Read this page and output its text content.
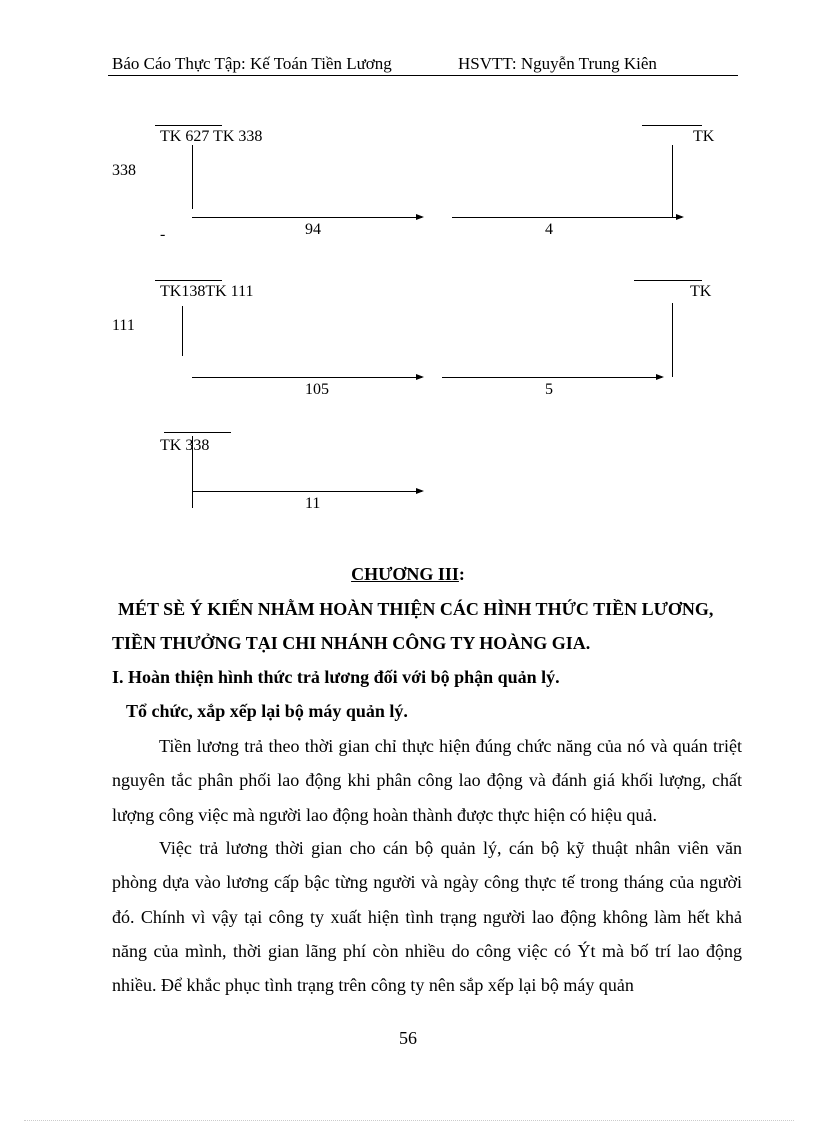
Báo Cáo Thực Tập: Kế Toán Tiền Lương	HSVTT: Nguyễn Trung Kiên
TK 627 TK 338	TK
338
94	4
-
TK138TK 111	TK
111
105	5
TK 338
11
CHƯƠNG III:
MÉT SÈ Ý KIẾN NHẰM HOÀN THIỆN CÁC HÌNH THỨC TIỀN LƯƠNG,
TIỀN THƯỞNG TẠI CHI NHÁNH CÔNG TY HOÀNG GIA.
I. Hoàn thiện hình thức trả lương đối với bộ phận quản lý.
Tổ chức, xắp xếp lại bộ máy quản lý.
Tiền lương trả theo thời gian chỉ thực hiện đúng chức năng của nó và quán triệt nguyên tắc phân phối lao động khi phân công lao động và đánh giá khối lượng, chất lượng công việc mà người lao động hoàn thành được thực hiện có hiệu quả.
Việc trả lương thời gian cho cán bộ quản lý, cán bộ kỹ thuật nhân viên văn phòng dựa vào lương cấp bậc từng người và ngày công thực tế trong tháng của người đó. Chính vì vậy tại công ty xuất hiện tình trạng người lao động không làm hết khả năng của mình, thời gian lãng phí còn nhiều do công việc có Ýt mà bố trí lao động nhiều. Để khắc phục tình trạng trên công ty nên sắp xếp lại bộ máy quản
56
